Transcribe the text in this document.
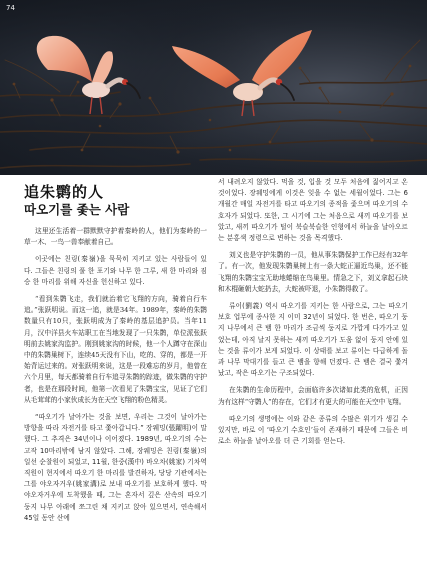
74
追朱鹮的人
따오기를 좇는 사람

这里还生活着一群默默守护着秦岭的人，他们为秦岭的一草一木、一鸟一兽奉献着自己。

이곳에는 친링(秦嶺)을 묵묵히 지키고 있는 사람들이 있다. 그들은 친링의 풀 한 포기와 나무 한 그루, 새 한 마리와 짐승 한 마리를 위해 자신을 헌신하고 있다.

“看到朱鹮飞走，我们就治着它飞翔的方向，骑着自行车追。”张跃明说。而这一追，就是34年。1989年，秦岭的朱鹮数量只有10只，张跃明成为了秦岭的基层追护员。当年11月，汉中洋县火车站职工在当地发现了一只朱鹮，单位派张跃明前去姚家沟监护。刚到姚家沟的时候，他一个人蹲守在深山中的朱鹮巢树下，连续45天没有下山，吃的、穿的，都是一开始背运过来的。对张跃明来说，这是一段难忘的岁月，他曾在六个月里，每天都骑着自行车追寻朱鹮的踪迹，做朱鹮的守护者，也是在那段时间，他第一次看见了朱鹮宝宝，见证了它们从毛茸茸的小家伙成长为在天空飞翔的粉色精灵。

“따오기가 날아가는 것을 보면, 우리는 그것이 날아가는 방향을 따라 자전거를 타고 쫓아갑니다.” 장웨밍(張躍明)이 말했다. 그 추격은 34년이나 이어졌다. 1989년, 따오기의 수는 고작 10마리밖에 남지 않았다. 그해, 장웨밍은 친링(秦嶺)의 일선 순찰원이 되었고, 11월, 한중(漢中) 바오차(姚家) 기차역 직원이 현지에서 따오기 한 마리를 발견하자, 당당 기관에서는 그를 야오자거우(姚家溝)로 보내 따오기를 보호하게 했다. 막 야오자거우에 도착했을 때, 그는 혼자서 깊은 산속의 따오기 둥지 나무 아래에 쪼그린 채 지키고 앉아 있으면서, 연속해서 45일 동안 산에

서 내려오지 않았다. 먹을 것, 입을 것 모두 처음에 짊어지고 온 것이었다. 장웨밍에게 이것은 잊을 수 없는 세월이었다. 그는 6개월간 매일 자전거를 타고 따오기의 종적을 좇으며 따오기의 수호자가 되었다. 또한, 그 시기에 그는 처음으로 새끼 따오기를 보았고, 새끼 따오기가 털이 북슬북슬한 인형에서 하늘을 날아오르는 분홍색 정령으로 변하는 것을 목격했다.

刘义也是守护朱鹮的一员，他从事朱鹮保护工作已经有32年了。有一次，他发现朱鹮巢树上有一条大蛇正逼近鸟巢，还不能飞翔的朱鹮宝宝无助地蜷缩在鸟巢里。情急之下，刘义拿起石块和木棍砸朝大蛇扔去，大蛇被吓退，小朱鹮得救了。

류이(劉義) 역시 따오기를 지키는 한 사람으로, 그는 따오기 보호 업무에 종사한 지 이미 32년이 되었다. 한 번은, 따오기 둥지 나무에서 큰 뱀 한 마리가 조금씩 둥지로 가깝게 다가가고 있었는데, 아직 날지 못하는 새끼 따오기가 도움 없이 둥지 안에 있는 것을 류이가 보게 되었다. 이 상태를 보고 류이는 다급하게 돌과 나무 막대기를 들고 큰 뱀을 향해 던졌다. 큰 뱀은 결국 쫓겨났고, 작은 따오기는 구조되었다.

在朱鹮的生命历程中，会面临许多次诸如此类的危机，正因为有这样“守鹮人”的存在，它们才有更大的可能在天空中飞翔。

따오기의 생명에는 이와 같은 종류의 수많은 위기가 생길 수 있지만, 바로 이 ‘따오기 수호인’들이 존재하기 때문에 그들은 비로소 하늘을 날아오를 더 큰 기회를 얻는다.
